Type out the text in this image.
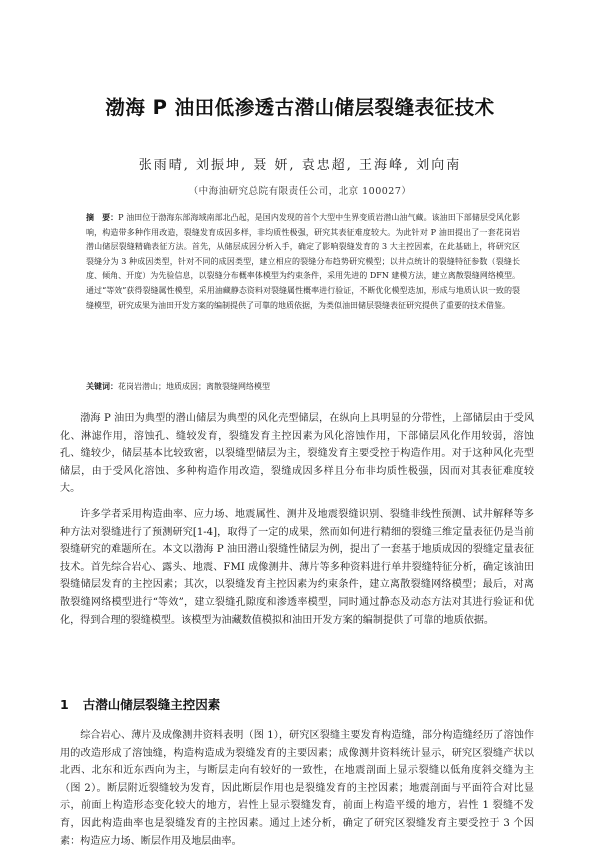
渤海 P 油田低渗透古潜山储层裂缝表征技术
张雨晴, 刘振坤, 聂 妍, 袁忠超, 王海峰, 刘向南
（中海油研究总院有限责任公司，北京 100027）
摘　要：P 油田位于渤海东部海域南部北凸起，是国内发现的首个大型中生界变质岩潜山油气藏。该油田下部储层受风化影响，构造带多种作用改造，裂缝发育成因多样，非均质性极强，研究其表征难度较大。为此针对 P 油田提出了一套花岗岩潜山储层裂缝精确表征方法。首先，从储层成因分析入手，确定了影响裂缝发育的 3 大主控因素，在此基础上，将研究区裂缝分为 3 种成因类型，针对不同的成因类型，建立相应的裂缝分布趋势研究模型；以井点统计的裂缝特征参数（裂缝长度、倾角、开度）为先验信息，以裂缝分布概率体模型为约束条件，采用先进的 DFN 建模方法，建立离散裂缝网络模型。通过“等效”获得裂缝属性模型，采用油藏静态资料对裂缝属性概率进行验证，不断优化模型迭加，形成与地质认识一致的裂缝模型，研究成果为油田开发方案的编制提供了可靠的地质依据，为类似油田储层裂缝表征研究提供了重要的技术借鉴。
关键词：花岗岩潜山；地质成因；离散裂缝网络模型

渤海 P 油田为典型的潜山储层为典型的风化壳型储层，在纵向上具明显的分带性，上部储层由于受风化、淋滤作用，溶蚀孔、缝较发育，裂缝发育主控因素为风化溶蚀作用，下部储层风化作用较弱，溶蚀孔、缝较少，储层基本比较致密，以裂缝型储层为主，裂缝发育主要受控于构造作用。对于这种风化壳型储层，由于受风化溶蚀、多种构造作用改造，裂缝成因多样且分布非均质性极强，因而对其表征难度较大。

许多学者采用构造曲率、应力场、地震属性、测井及地震裂缝识别、裂缝非线性预测、试井解释等多种方法对裂缝进行了预测研究[1-4]，取得了一定的成果，然而如何进行精细的裂缝三维定量表征仍是当前裂缝研究的难题所在。本文以渤海 P 油田潜山裂缝性储层为例，提出了一套基于地质成因的裂缝定量表征技术。首先综合岩心、露头、地震、FMI 成像测井、薄片等多种资料进行单井裂缝特征分析，确定该油田裂缝储层发育的主控因素；其次，以裂缝发育主控因素为约束条件，建立离散裂缝网络模型；最后，对离散裂缝网络模型进行“等效”，建立裂缝孔隙度和渗透率模型，同时通过静态及动态方法对其进行验证和优化，得到合理的裂缝模型。该模型为油藏数值模拟和油田开发方案的编制提供了可靠的地质依据。

1 古潜山储层裂缝主控因素

综合岩心、薄片及成像测井资料表明（图 1），研究区裂缝主要发育构造缝，部分构造缝经历了溶蚀作用的改造形成了溶蚀缝，构造构造成为裂缝发育的主要因素；成像测井资料统计显示，研究区裂缝产状以北西、北东和近东西向为主，与断层走向有较好的一致性，在地震剖面上显示裂缝以低角度斜交缝为主（图 2）。断层附近裂缝较为发育，因此断层作用也是裂缝发育的主控因素；地震剖面与平面符合对比显示，前面上构造形态变化较大的地方，岩性上显示裂缝发育，前面上构造平缓的地方，岩性 1 裂缝不发育，因此构造曲率也是裂缝发育的主控因素。通过上述分析，确定了研究区裂缝发育主要受控于 3 个因素：构造应力场、断层作用及地层曲率。
